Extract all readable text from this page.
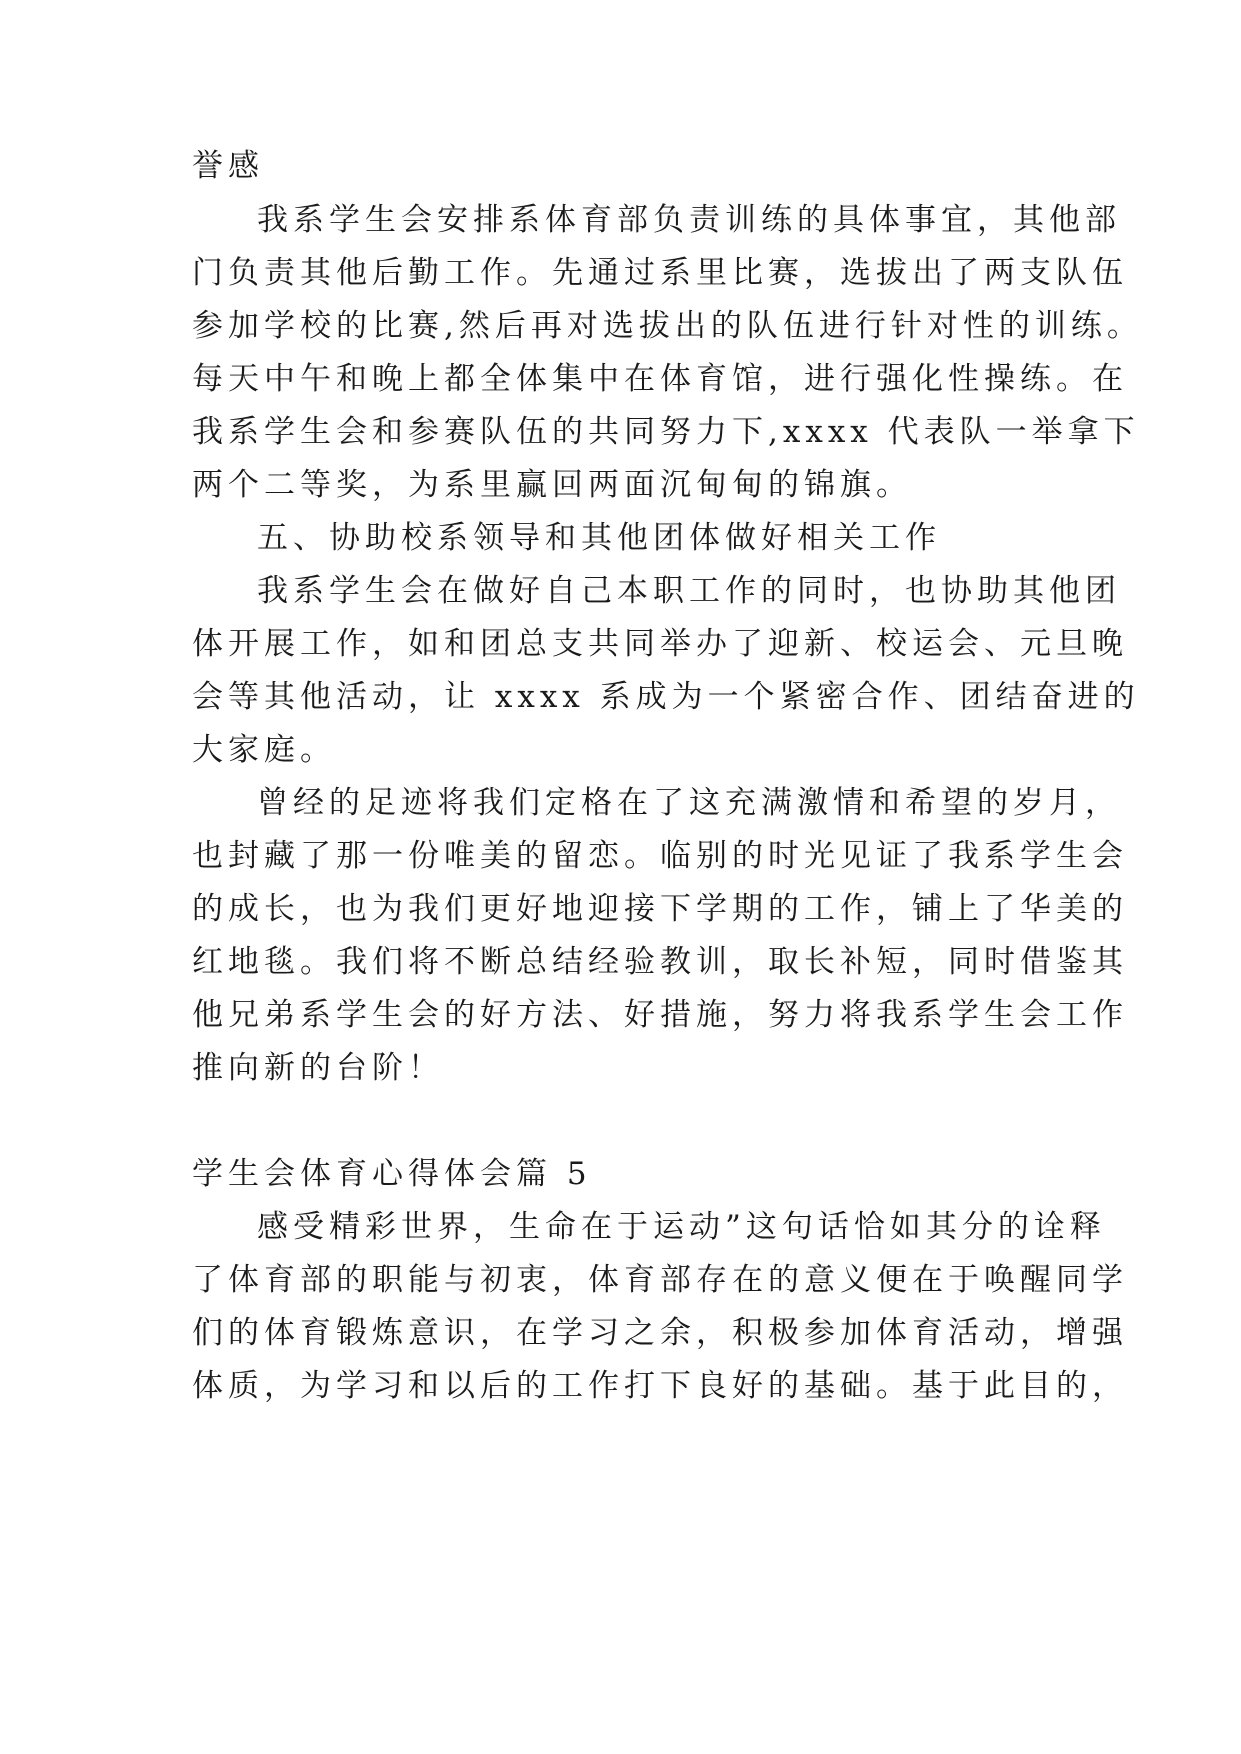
誉感
我系学生会安排系体育部负责训练的具体事宜，其他部
门负责其他后勤工作。先通过系里比赛，选拔出了两支队伍
参加学校的比赛,然后再对选拔出的队伍进行针对性的训练。
每天中午和晚上都全体集中在体育馆，进行强化性操练。在
我系学生会和参赛队伍的共同努力下,xxxx 代表队一举拿下
两个二等奖，为系里赢回两面沉甸甸的锦旗。
五、协助校系领导和其他团体做好相关工作
我系学生会在做好自己本职工作的同时，也协助其他团
体开展工作，如和团总支共同举办了迎新、校运会、元旦晚
会等其他活动，让 xxxx 系成为一个紧密合作、团结奋进的
大家庭。
曾经的足迹将我们定格在了这充满激情和希望的岁月，
也封藏了那一份唯美的留恋。临别的时光见证了我系学生会
的成长，也为我们更好地迎接下学期的工作，铺上了华美的
红地毯。我们将不断总结经验教训，取长补短，同时借鉴其
他兄弟系学生会的好方法、好措施，努力将我系学生会工作
推向新的台阶！
学生会体育心得体会篇 5
感受精彩世界，生命在于运动”这句话恰如其分的诠释
了体育部的职能与初衷，体育部存在的意义便在于唤醒同学
们的体育锻炼意识，在学习之余，积极参加体育活动，增强
体质，为学习和以后的工作打下良好的基础。基于此目的，
